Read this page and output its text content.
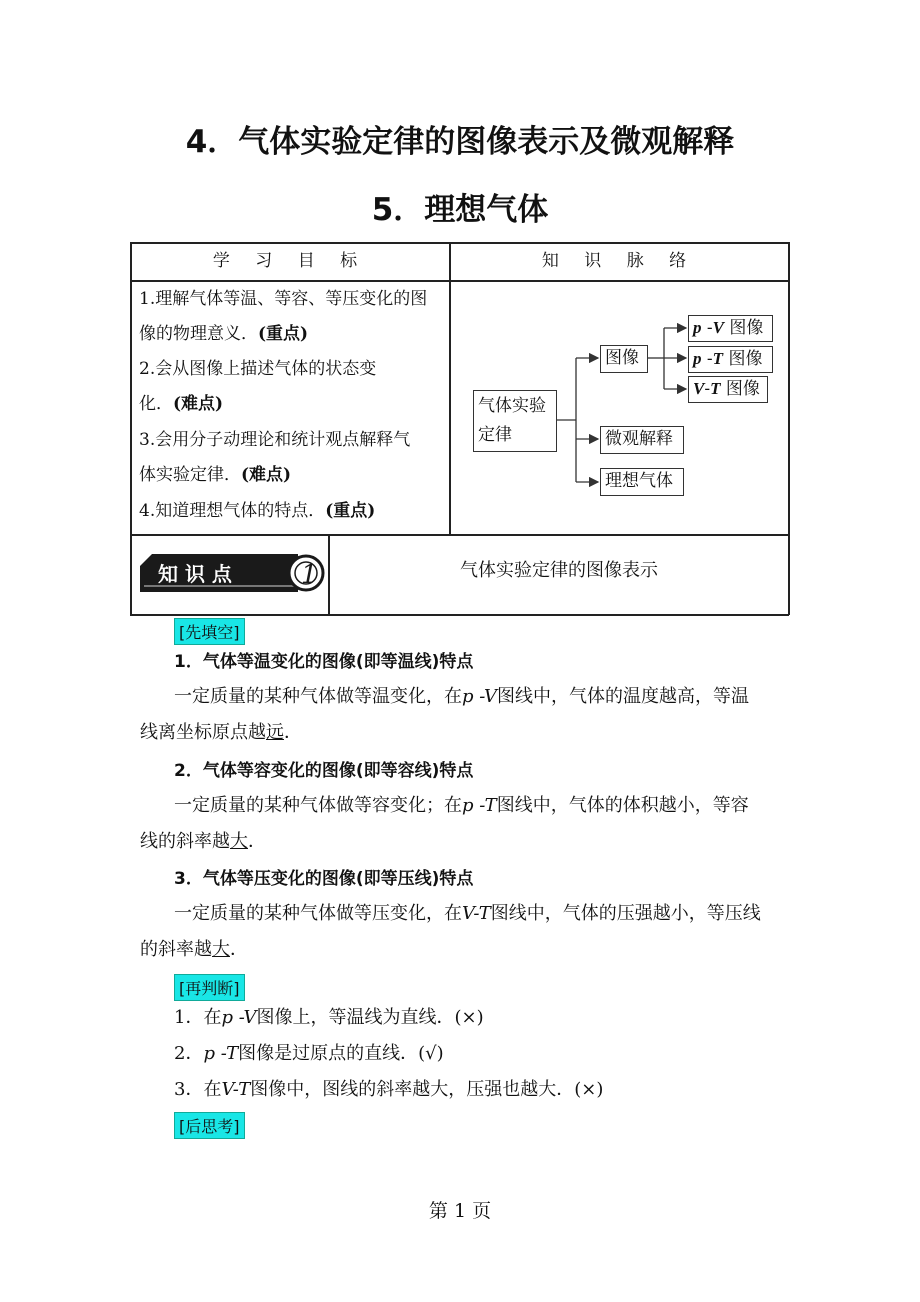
4．气体实验定律的图像表示及微观解释
5．理想气体
学 习 目 标	知 识 脉 络
1.理解气体等温、等容、等压变化的图
像的物理意义．(重点)
2.会从图像上描述气体的状态变
化．(难点)
3.会用分子动理论和统计观点解释气
体实验定律．(难点)
4.知道理想气体的特点．(重点)
气体实验
定律
图像
微观解释
理想气体
p -V 图像
p -T 图像
V-T 图像
知 识 点	1	气体实验定律的图像表示
[先填空]
1．气体等温变化的图像(即等温线)特点
一定质量的某种气体做等温变化，在p -V图线中，气体的温度越高，等温
线离坐标原点越远．
2．气体等容变化的图像(即等容线)特点
一定质量的某种气体做等容变化；在p -T图线中，气体的体积越小，等容
线的斜率越大．
3．气体等压变化的图像(即等压线)特点
一定质量的某种气体做等压变化，在V-T图线中，气体的压强越小，等压线
的斜率越大．
[再判断]
1．在p -V图像上，等温线为直线．(×)
2．p -T图像是过原点的直线．(√)
3．在V-T图像中，图线的斜率越大，压强也越大．(×)
[后思考]
第 1 页
